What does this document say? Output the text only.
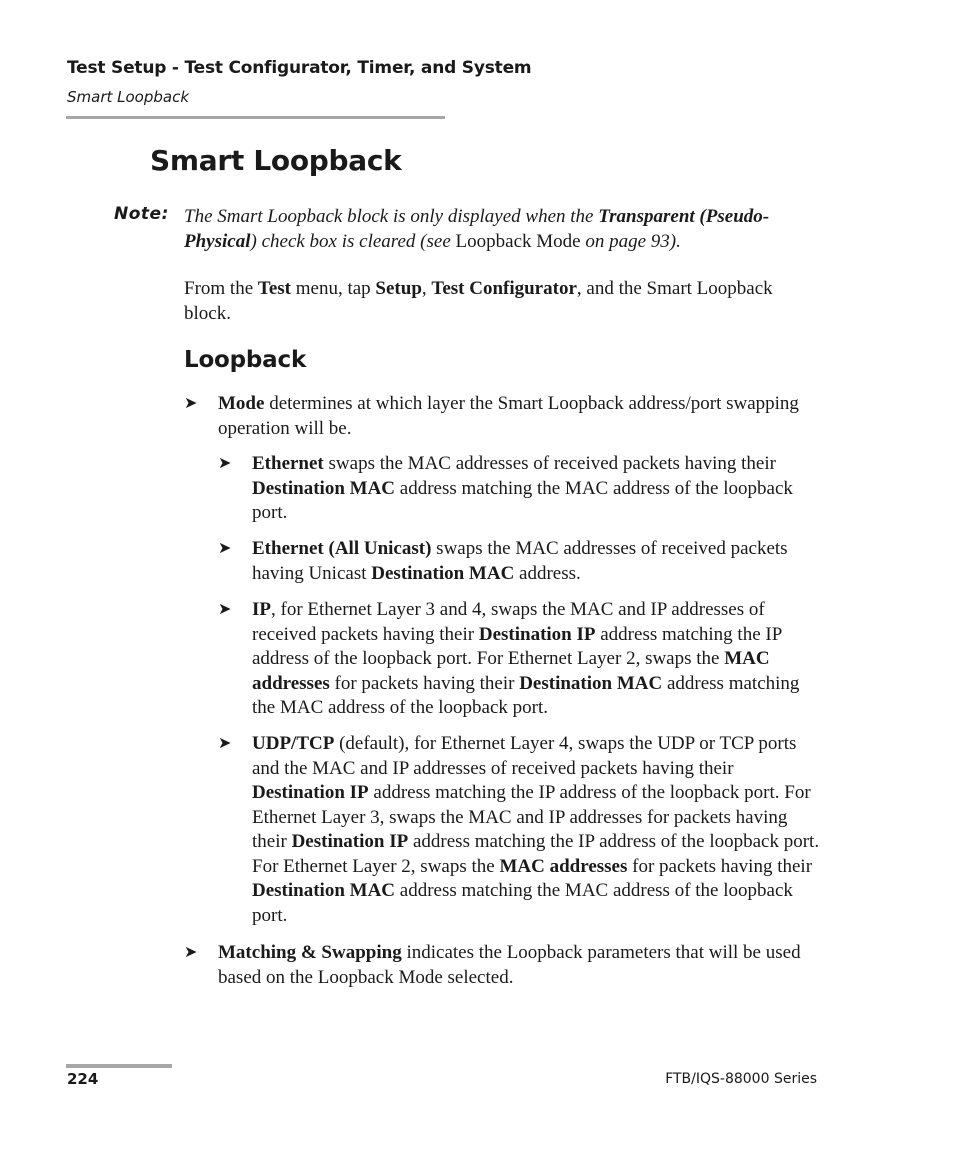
Test Setup - Test Configurator, Timer, and System
Smart Loopback
Smart Loopback
Note: The Smart Loopback block is only displayed when the Transparent (Pseudo-Physical) check box is cleared (see Loopback Mode on page 93).
From the Test menu, tap Setup, Test Configurator, and the Smart Loopback block.
Loopback
➤ Mode determines at which layer the Smart Loopback address/port swapping operation will be.
➤ Ethernet swaps the MAC addresses of received packets having their Destination MAC address matching the MAC address of the loopback port.
➤ Ethernet (All Unicast) swaps the MAC addresses of received packets having Unicast Destination MAC address.
➤ IP, for Ethernet Layer 3 and 4, swaps the MAC and IP addresses of received packets having their Destination IP address matching the IP address of the loopback port. For Ethernet Layer 2, swaps the MAC addresses for packets having their Destination MAC address matching the MAC address of the loopback port.
➤ UDP/TCP (default), for Ethernet Layer 4, swaps the UDP or TCP ports and the MAC and IP addresses of received packets having their Destination IP address matching the IP address of the loopback port. For Ethernet Layer 3, swaps the MAC and IP addresses for packets having their Destination IP address matching the IP address of the loopback port. For Ethernet Layer 2, swaps the MAC addresses for packets having their Destination MAC address matching the MAC address of the loopback port.
➤ Matching & Swapping indicates the Loopback parameters that will be used based on the Loopback Mode selected.
224	FTB/IQS-88000 Series
